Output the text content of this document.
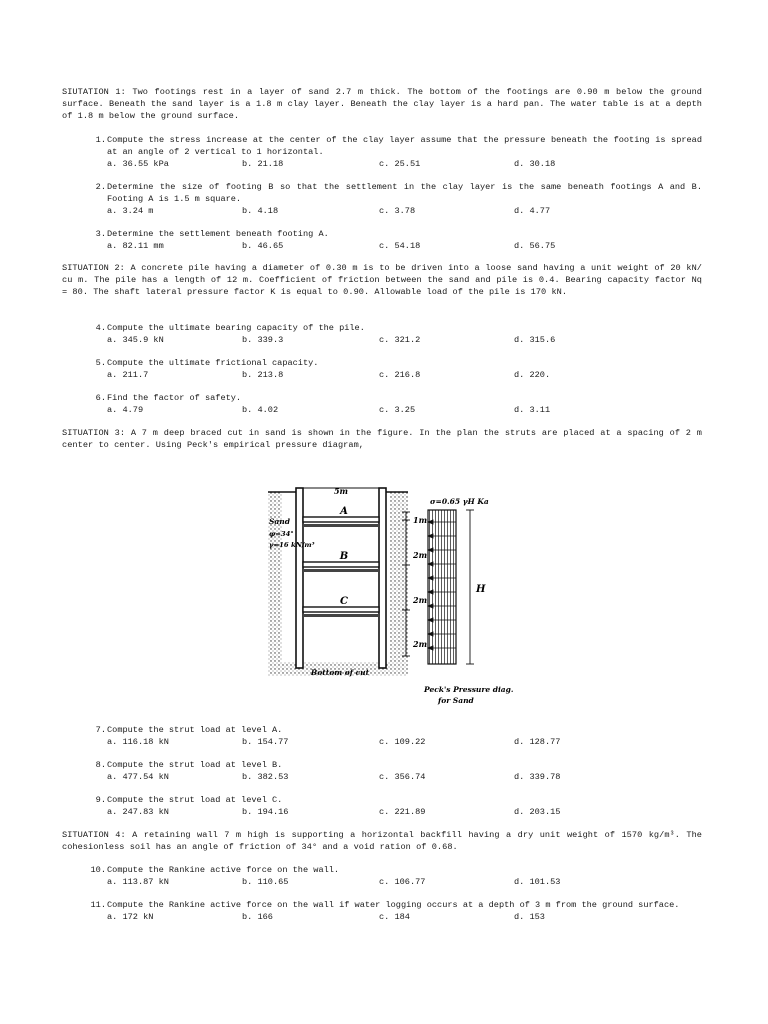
SIUTATION 1: Two footings rest in a layer of sand 2.7 m thick. The bottom of the footings are 0.90 m below the ground surface. Beneath the sand layer is a 1.8 m clay layer. Beneath the clay layer is a hard pan. The water table is at a depth of 1.8 m below the ground surface.
1. Compute the stress increase at the center of the clay layer assume that the pressure beneath the footing is spread at an angle of 2 vertical to 1 horizontal.
a. 36.55 kPa	b. 21.18	c. 25.51	d. 30.18
2. Determine the size of footing B so that the settlement in the clay layer is the same beneath footings A and B. Footing A is 1.5 m square.
a. 3.24 m	b. 4.18	c. 3.78	d. 4.77
3. Determine the settlement beneath footing A.
a. 82.11 mm	b. 46.65	c. 54.18	d. 56.75
SITUATION 2: A concrete pile having a diameter of 0.30 m is to be driven into a loose sand having a unit weight of 20 kN/ cu m. The pile has a length of 12 m. Coefficient of friction between the sand and pile is 0.4. Bearing capacity factor Nq = 80. The shaft lateral pressure factor K is equal to 0.90. Allowable load of the pile is 170 kN.
4. Compute the ultimate bearing capacity of the pile.
a. 345.9 kN	b. 339.3	c. 321.2	d. 315.6
5. Compute the ultimate frictional capacity.
a. 211.7	b. 213.8	c. 216.8	d. 220.
6. Find the factor of safety.
a. 4.79	b. 4.02	c. 3.25	d. 3.11
SITUATION 3: A 7 m deep braced cut in sand is shown in the figure. In the plan the struts are placed at a spacing of 2 m center to center. Using Peck's empirical pressure diagram,
5m
A
B
C
Sand
φ=34°
γ=16 kN/m³
1m
2m
2m
2m
σ=0.65 γH Ka
H
Bottom of cut
Peck's Pressure diag.
for Sand
7. Compute the strut load at level A.
a. 116.18 kN	b. 154.77	c. 109.22	d. 128.77
8. Compute the strut load at level B.
a. 477.54 kN	b. 382.53	c. 356.74	d. 339.78
9. Compute the strut load at level C.
a. 247.83 kN	b. 194.16	c. 221.89	d. 203.15
SITUATION 4: A retaining wall 7 m high is supporting a horizontal backfill having a dry unit weight of 1570 kg/m³. The cohesionless soil has an angle of friction of 34° and a void ration of 0.68.
10. Compute the Rankine active force on the wall.
a. 113.87 kN	b. 110.65	c. 106.77	d. 101.53
11. Compute the Rankine active force on the wall if water logging occurs at a depth of 3 m from the ground surface.
a. 172 kN	b. 166	c. 184	d. 153
